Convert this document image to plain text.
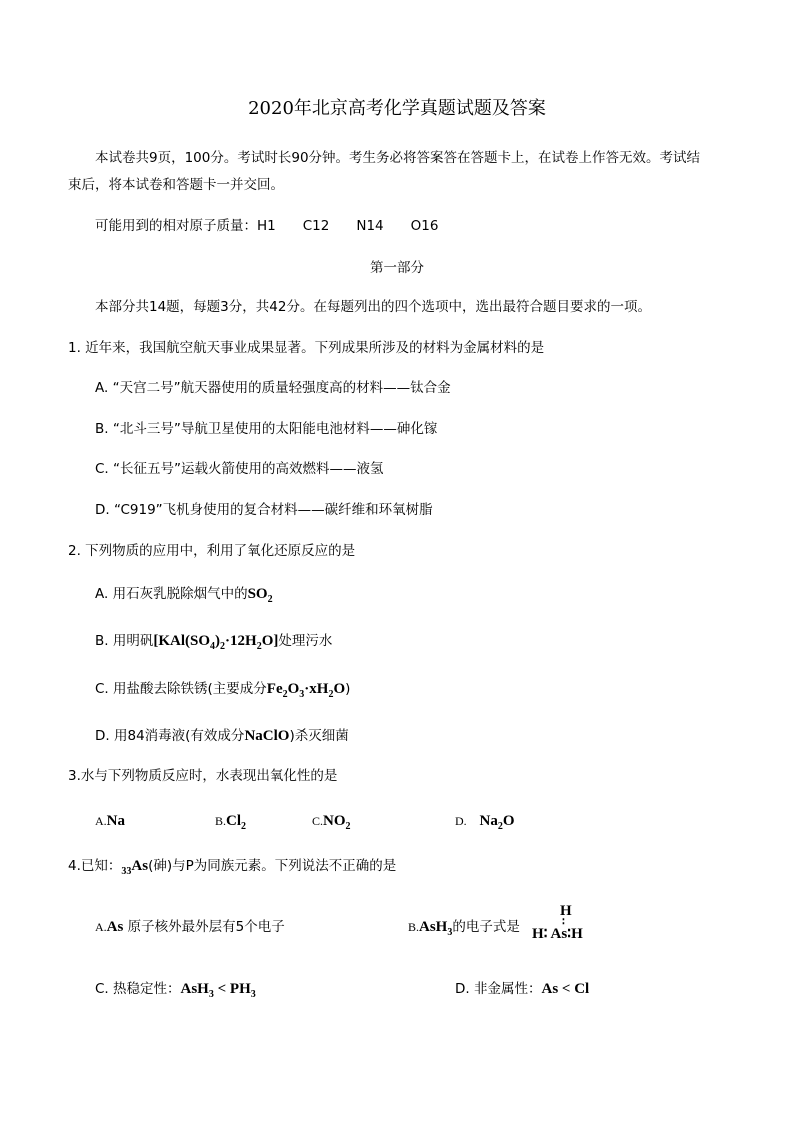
2020年北京高考化学真题试题及答案
本试卷共9页，100分。考试时长90分钟。考生务必将答案答在答题卡上，在试卷上作答无效。考试结
束后，将本试卷和答题卡一并交回。
可能用到的相对原子质量：H1　　C12　　N14　　O16
第一部分
本部分共14题，每题3分，共42分。在每题列出的四个选项中，选出最符合题目要求的一项。
1. 近年来，我国航空航天事业成果显著。下列成果所涉及的材料为金属材料的是
A. “天宫二号”航天器使用的质量轻强度高的材料——钛合金
B. “北斗三号”导航卫星使用的太阳能电池材料——砷化镓
C. “长征五号”运载火箭使用的高效燃料——液氢
D. “C919”飞机身使用的复合材料——碳纤维和环氧树脂
2. 下列物质的应用中，利用了氧化还原反应的是
A. 用石灰乳脱除烟气中的$SO_2$
B. 用明矾$[KAl(SO_4)_2\cdot 12H_2O]$处理污水
C. 用盐酸去除铁锈(主要成分$Fe_2O_3\cdot xH_2O$)
D. 用84消毒液(有效成分NaClO)杀灭细菌
3.水与下列物质反应时，水表现出氧化性的是
A.Na	$B.Cl_2$	$C.NO_2$	D. $Na_2O$
4.已知：$_{33}$As(砷)与P为同族元素。下列说法不正确的是
A.As 原子核外最外层有5个电子	B.AsH$_3$的电子式是
H
∶
H∶ As∶H
C. 热稳定性：$AsH_3 < PH_3$	D. 非金属性：As < Cl
